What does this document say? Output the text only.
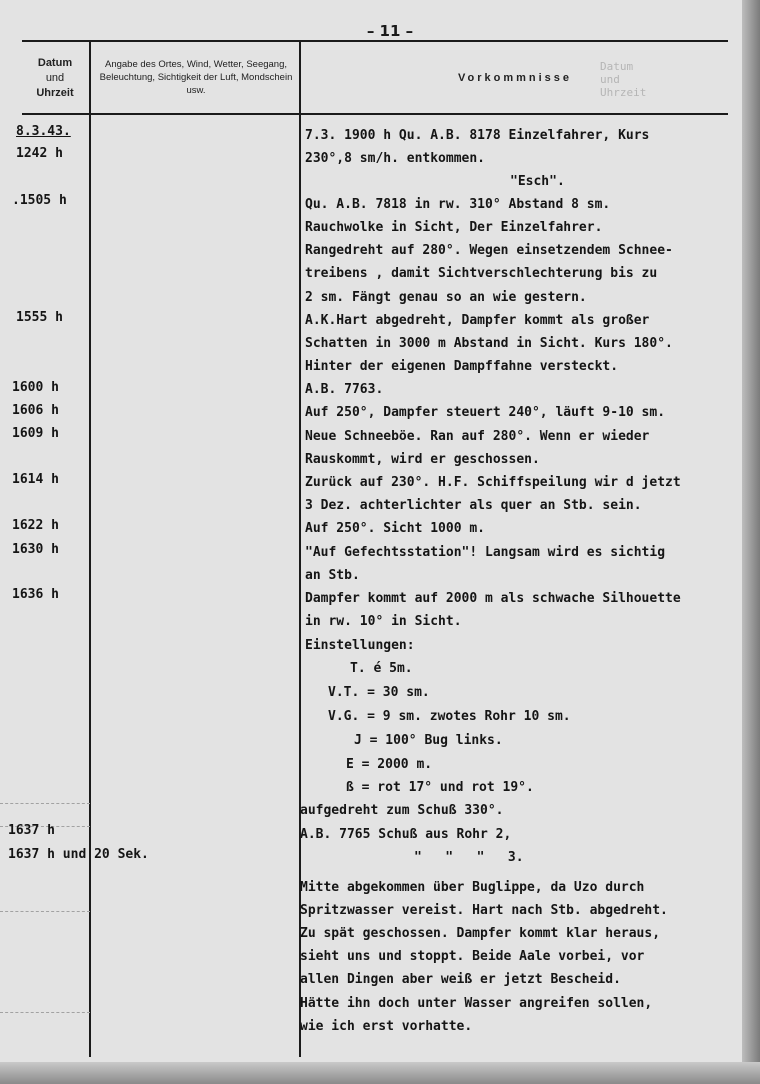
– 11 –
Datum
und
Uhrzeit
Datum
und
Uhrzeit
Angabe des Ortes, Wind, Wetter, Seegang, Beleuchtung, Sichtigkeit der Luft, Mondschein usw.
Vorkommnisse
8.3.43.
1242 h
.1505 h
1555 h
1600 h
1606 h
1609 h
1614 h
1622 h
1630 h
1636 h
1637 h
1637 h und 20 Sek.
7.3. 1900 h Qu. A.B. 8178 Einzelfahrer, Kurs
230°,8 sm/h. entkommen.
"Esch".
Qu. A.B. 7818 in rw. 310° Abstand 8 sm.
Rauchwolke in Sicht, Der Einzelfahrer.
Rangedreht auf 280°. Wegen einsetzendem Schnee-
treibens , damit Sichtverschlechterung bis zu
2 sm. Fängt genau so an wie gestern.
A.K.Hart abgedreht, Dampfer kommt als großer
Schatten in 3000 m Abstand in Sicht. Kurs 180°.
Hinter der eigenen Dampffahne versteckt.
A.B. 7763.
Auf 250°, Dampfer steuert 240°, läuft 9-10 sm.
Neue Schneeböe. Ran auf 280°. Wenn er wieder
Rauskommt, wird er geschossen.
Zurück auf 230°. H.F. Schiffspeilung wir d jetzt
3 Dez. achterlichter als quer an Stb. sein.
Auf 250°. Sicht 1000 m.
"Auf Gefechtsstation"! Langsam wird es sichtig
an Stb.
Dampfer kommt auf 2000 m als schwache Silhouette
in rw. 10° in Sicht.
Einstellungen:
T. é 5m.
V.T. = 30 sm.
V.G. = 9 sm. zwotes Rohr 10 sm.
J = 100° Bug links.
E = 2000 m.
ß = rot 17° und rot 19°.
aufgedreht zum Schuß 330°.
A.B. 7765 Schuß aus Rohr 2,
"   "   "   3.
Mitte abgekommen über Buglippe, da Uzo durch
Spritzwasser vereist. Hart nach Stb. abgedreht.
Zu spät geschossen. Dampfer kommt klar heraus,
sieht uns und stoppt. Beide Aale vorbei, vor
allen Dingen aber weiß er jetzt Bescheid.
Hätte ihn doch unter Wasser angreifen sollen,
wie ich erst vorhatte.
